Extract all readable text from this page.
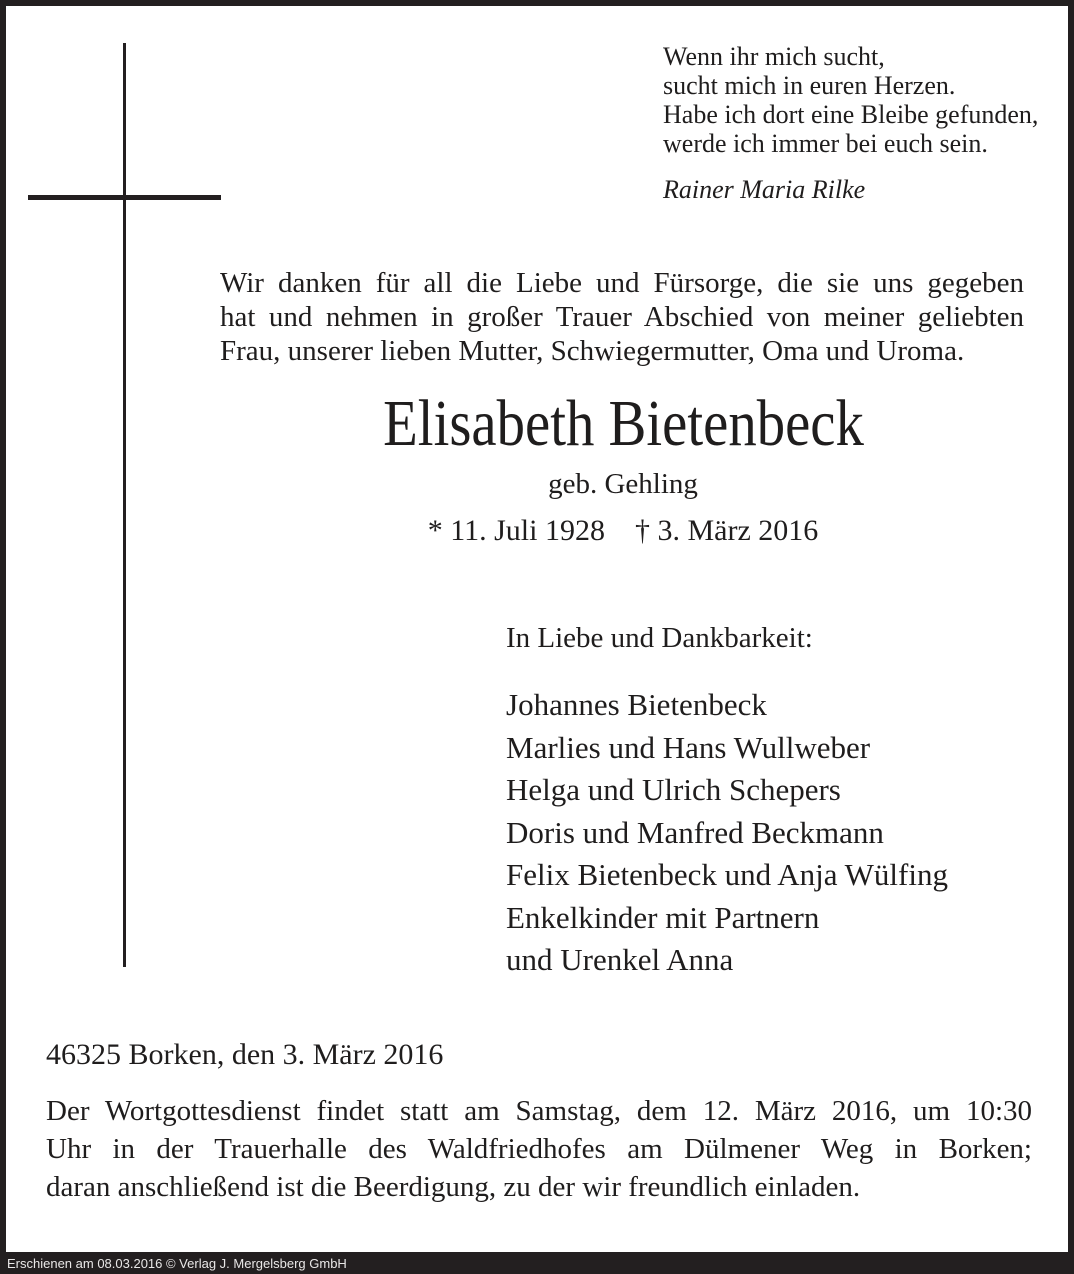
Wenn ihr mich sucht,
sucht mich in euren Herzen.
Habe ich dort eine Bleibe gefunden,
werde ich immer bei euch sein.
Rainer Maria Rilke
Wir danken für all die Liebe und Fürsorge, die sie uns gegeben
hat und nehmen in großer Trauer Abschied von meiner geliebten
Frau, unserer lieben Mutter, Schwiegermutter, Oma und Uroma.
Elisabeth Bietenbeck
geb. Gehling
* 11. Juli 1928 † 3. März 2016
In Liebe und Dankbarkeit:
Johannes Bietenbeck
Marlies und Hans Wullweber
Helga und Ulrich Schepers
Doris und Manfred Beckmann
Felix Bietenbeck und Anja Wülfing
Enkelkinder mit Partnern
und Urenkel Anna
46325 Borken, den 3. März 2016
Der Wortgottesdienst findet statt am Samstag, dem 12. März 2016, um 10:30
Uhr in der Trauerhalle des Waldfriedhofes am Dülmener Weg in Borken;
daran anschließend ist die Beerdigung, zu der wir freundlich einladen.
Erschienen am 08.03.2016 © Verlag J. Mergelsberg GmbH
